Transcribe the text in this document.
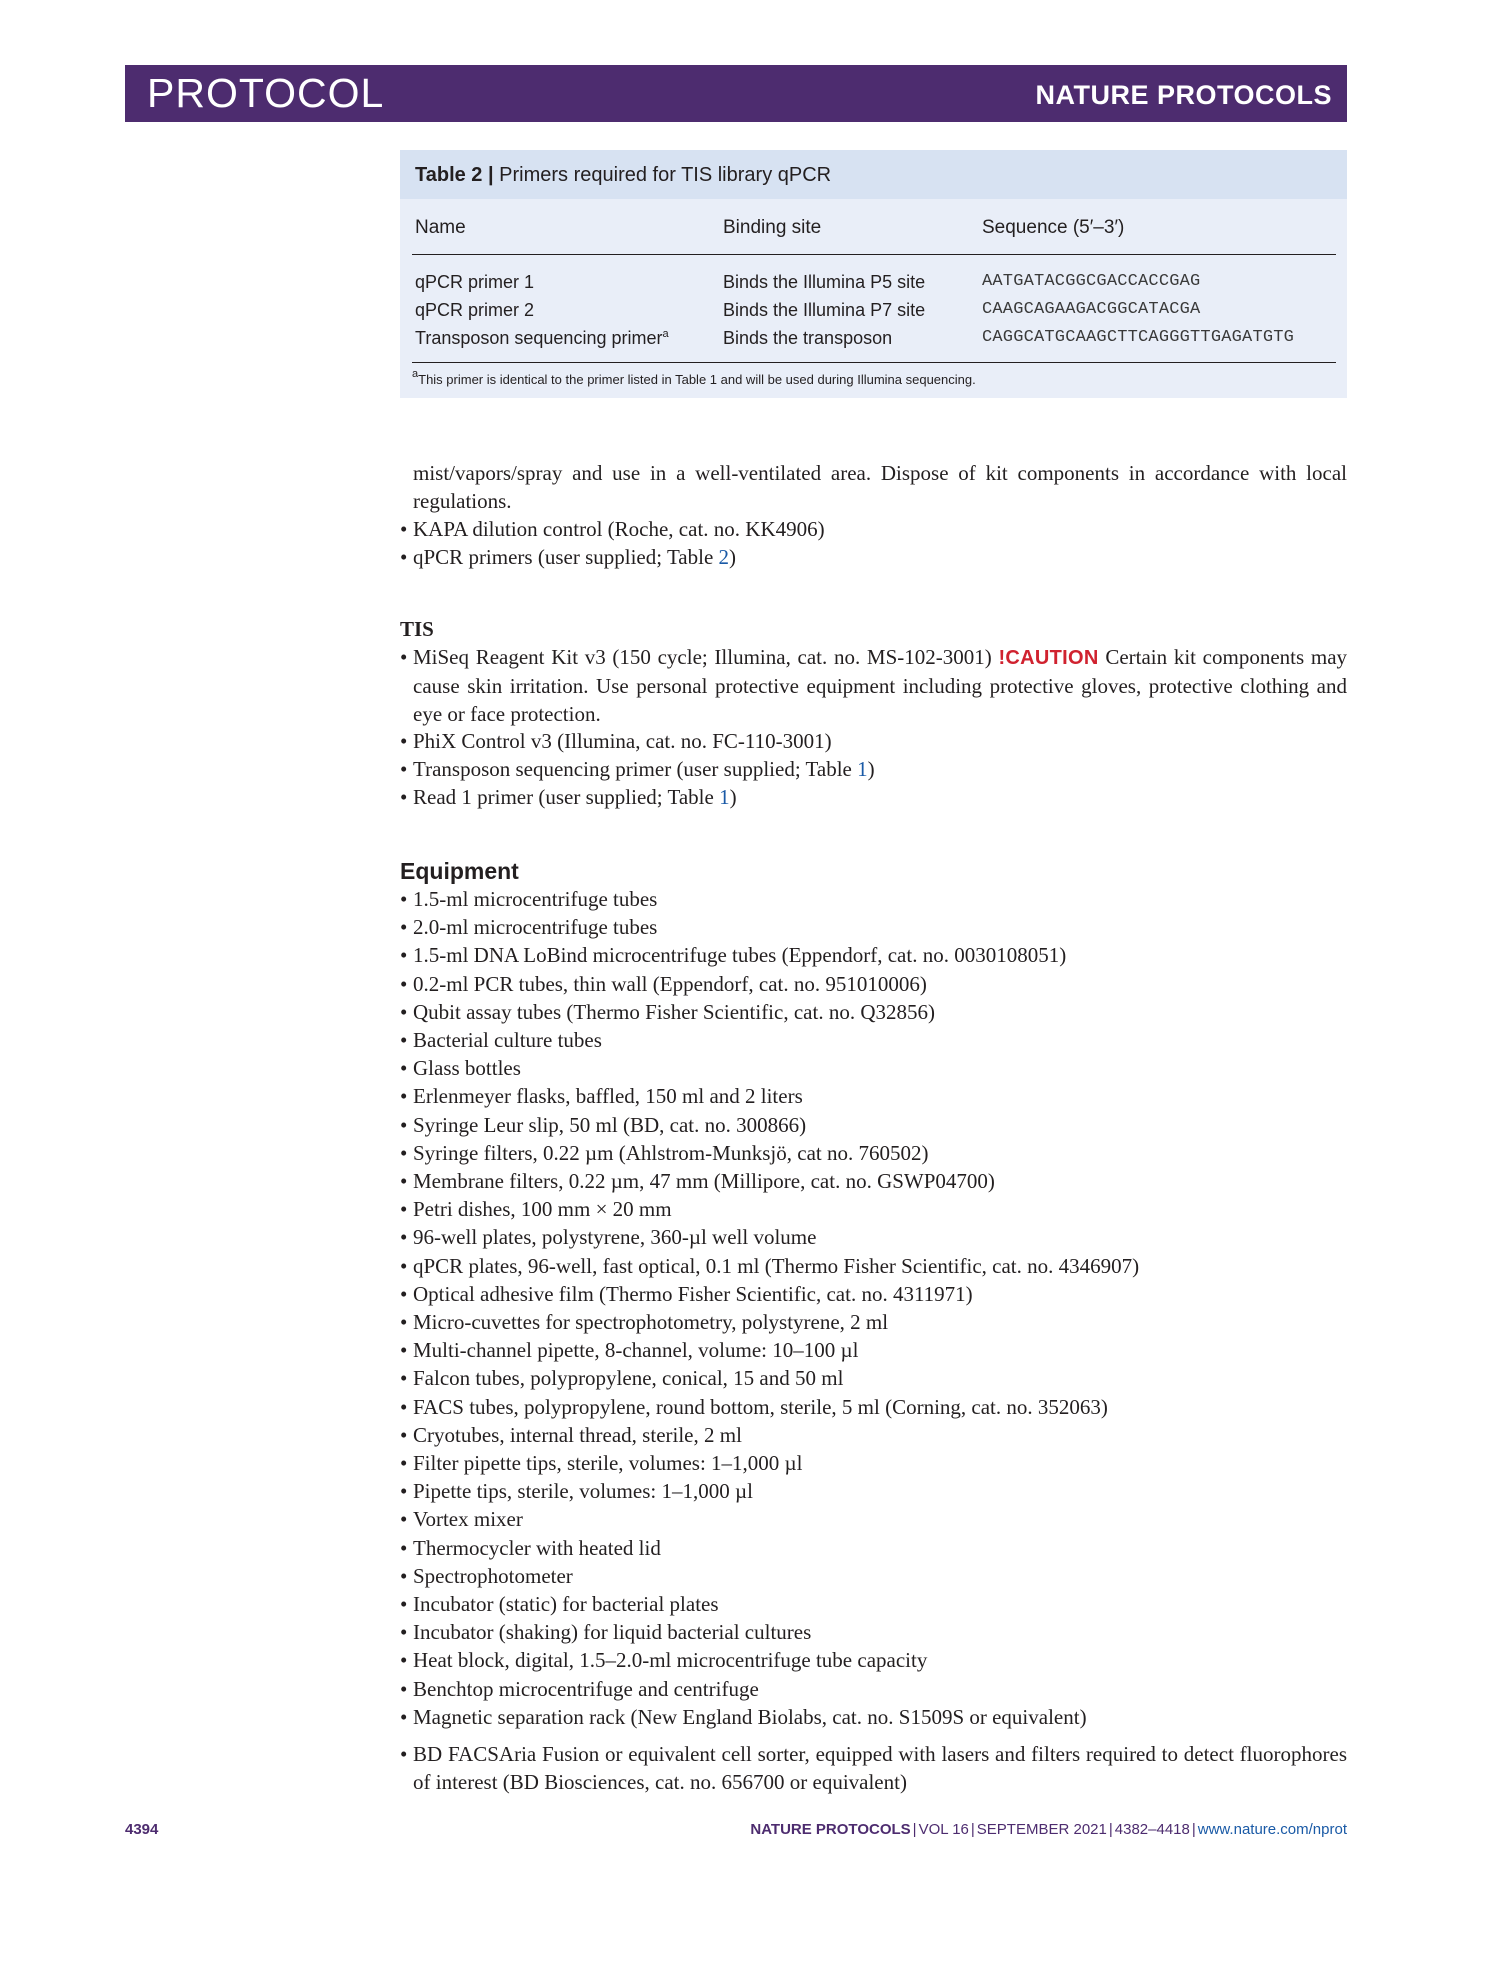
PROTOCOL	NATURE PROTOCOLS
Table 2 | Primers required for TIS library qPCR
Name	Binding site	Sequence (5′–3′)
qPCR primer 1	Binds the Illumina P5 site	AATGATACGGCGACCACCGAG
qPCR primer 2	Binds the Illumina P7 site	CAAGCAGAAGACGGCATACGA
Transposon sequencing primer$^a$	Binds the transposon	CAGGCATGCAAGCTTCAGGGTTGAGATGTG
$^a$This primer is identical to the primer listed in Table 1 and will be used during Illumina sequencing.
mist/vapors/spray and use in a well-ventilated area. Dispose of kit components in accordance with local regulations.
• KAPA dilution control (Roche, cat. no. KK4906)
• qPCR primers (user supplied; Table 2)
TIS
• MiSeq Reagent Kit v3 (150 cycle; Illumina, cat. no. MS-102-3001) !CAUTION Certain kit components may cause skin irritation. Use personal protective equipment including protective gloves, protective clothing and eye or face protection.
• PhiX Control v3 (Illumina, cat. no. FC-110-3001)
• Transposon sequencing primer (user supplied; Table 1)
• Read 1 primer (user supplied; Table 1)
Equipment
• 1.5-ml microcentrifuge tubes
• 2.0-ml microcentrifuge tubes
• 1.5-ml DNA LoBind microcentrifuge tubes (Eppendorf, cat. no. 0030108051)
• 0.2-ml PCR tubes, thin wall (Eppendorf, cat. no. 951010006)
• Qubit assay tubes (Thermo Fisher Scientific, cat. no. Q32856)
• Bacterial culture tubes
• Glass bottles
• Erlenmeyer flasks, baffled, 150 ml and 2 liters
• Syringe Leur slip, 50 ml (BD, cat. no. 300866)
• Syringe filters, 0.22 µm (Ahlstrom-Munksjö, cat no. 760502)
• Membrane filters, 0.22 µm, 47 mm (Millipore, cat. no. GSWP04700)
• Petri dishes, 100 mm × 20 mm
• 96-well plates, polystyrene, 360-µl well volume
• qPCR plates, 96-well, fast optical, 0.1 ml (Thermo Fisher Scientific, cat. no. 4346907)
• Optical adhesive film (Thermo Fisher Scientific, cat. no. 4311971)
• Micro-cuvettes for spectrophotometry, polystyrene, 2 ml
• Multi-channel pipette, 8-channel, volume: 10–100 µl
• Falcon tubes, polypropylene, conical, 15 and 50 ml
• FACS tubes, polypropylene, round bottom, sterile, 5 ml (Corning, cat. no. 352063)
• Cryotubes, internal thread, sterile, 2 ml
• Filter pipette tips, sterile, volumes: 1–1,000 µl
• Pipette tips, sterile, volumes: 1–1,000 µl
• Vortex mixer
• Thermocycler with heated lid
• Spectrophotometer
• Incubator (static) for bacterial plates
• Incubator (shaking) for liquid bacterial cultures
• Heat block, digital, 1.5–2.0-ml microcentrifuge tube capacity
• Benchtop microcentrifuge and centrifuge
• Magnetic separation rack (New England Biolabs, cat. no. S1509S or equivalent)
• BD FACSAria Fusion or equivalent cell sorter, equipped with lasers and filters required to detect fluorophores of interest (BD Biosciences, cat. no. 656700 or equivalent)
4394	NATURE PROTOCOLS | VOL 16 | SEPTEMBER 2021 | 4382–4418 | www.nature.com/nprot
